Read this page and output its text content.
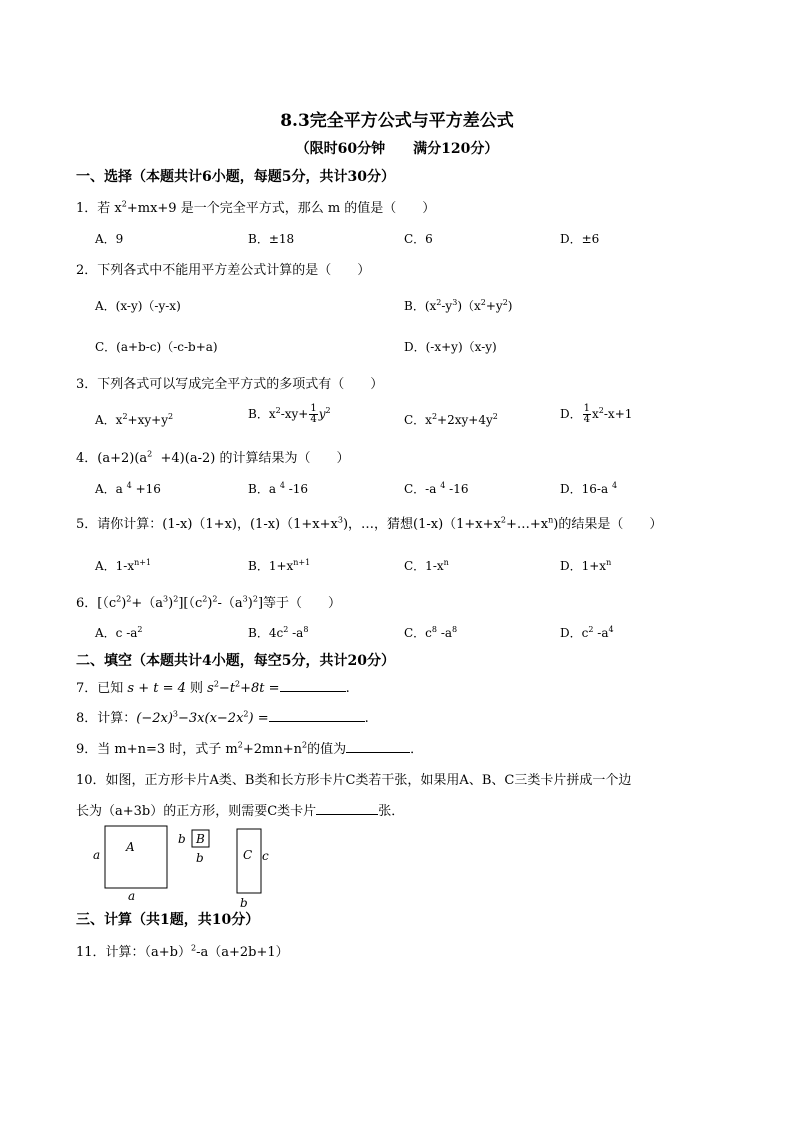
8.3完全平方公式与平方差公式
（限时60分钟　　满分120分）
一、选择（本题共计6小题，每题5分，共计30分）
1．若 $x^2+mx+9$ 是一个完全平方式，那么 m 的值是（　　）
A．9	B．±18	C．6	D．±6
2．下列各式中不能用平方差公式计算的是（　　）
A．(x-y)（-y-x)	B．$(x^2-y^3)(x^2+y^2)$
C．(a+b-c)（-c-b+a)	D．(-x+y)（x-y)
3．下列各式可以写成完全平方式的多项式有（　　）
A．$x^2+xy+y^2$	B．$x^2-xy+ \frac{1}{4} y^2$
C．$x^2+2xy+4y^2$	D． $\frac{1}{4} x^2-x+1$
4．$(a+2)(a^2 +4)(a-2)$ 的计算结果为（　　）
A．a $^4$ +16	B．a $^4$ -16	C．-a $^4$ -16	D．16-a $^4$
5．请你计算：(1-x)（1+x)，$(1-x)(1+x+x^3)$，…，猜想$(1-x)(1+x+x^2+\dots+x^n)$的结果是（　　）
A．$1-x^{n+1}$	B．$1+x^{n+1}$	C．$1-x^n$	D．$1+x^n$
6．$[(c^2)^2+(a^3)^2][(c^2)^2-(a^3)^2]$等于（　　）
A．c $-a^2$	B．$4c^2$ $-a^8$	C．$c^8$ $-a^8$	D．$c^2$ $-a^4$
二、填空（本题共计4小题，每空5分，共计20分）
7．已知 s + t = 4 则 $s^2-t^2+8t$ =	.
8．计算：$(-2x)^3-3x(x-2x^2)$ =	.
9．当 m+n=3 时，式子 $m^2+2mn+n^2$的值为	．
10．如图，正方形卡片A类、B类和长方形卡片C类若干张，如果用A、B、C三类卡片拼成一个边
长为（a+3b）的正方形，则需要C类卡片	张．
A
a
a
B
b
b	C c
b
三、计算（共1题，共10分）
11．计算：$(a+b)^2-a(a+2b+1)$
